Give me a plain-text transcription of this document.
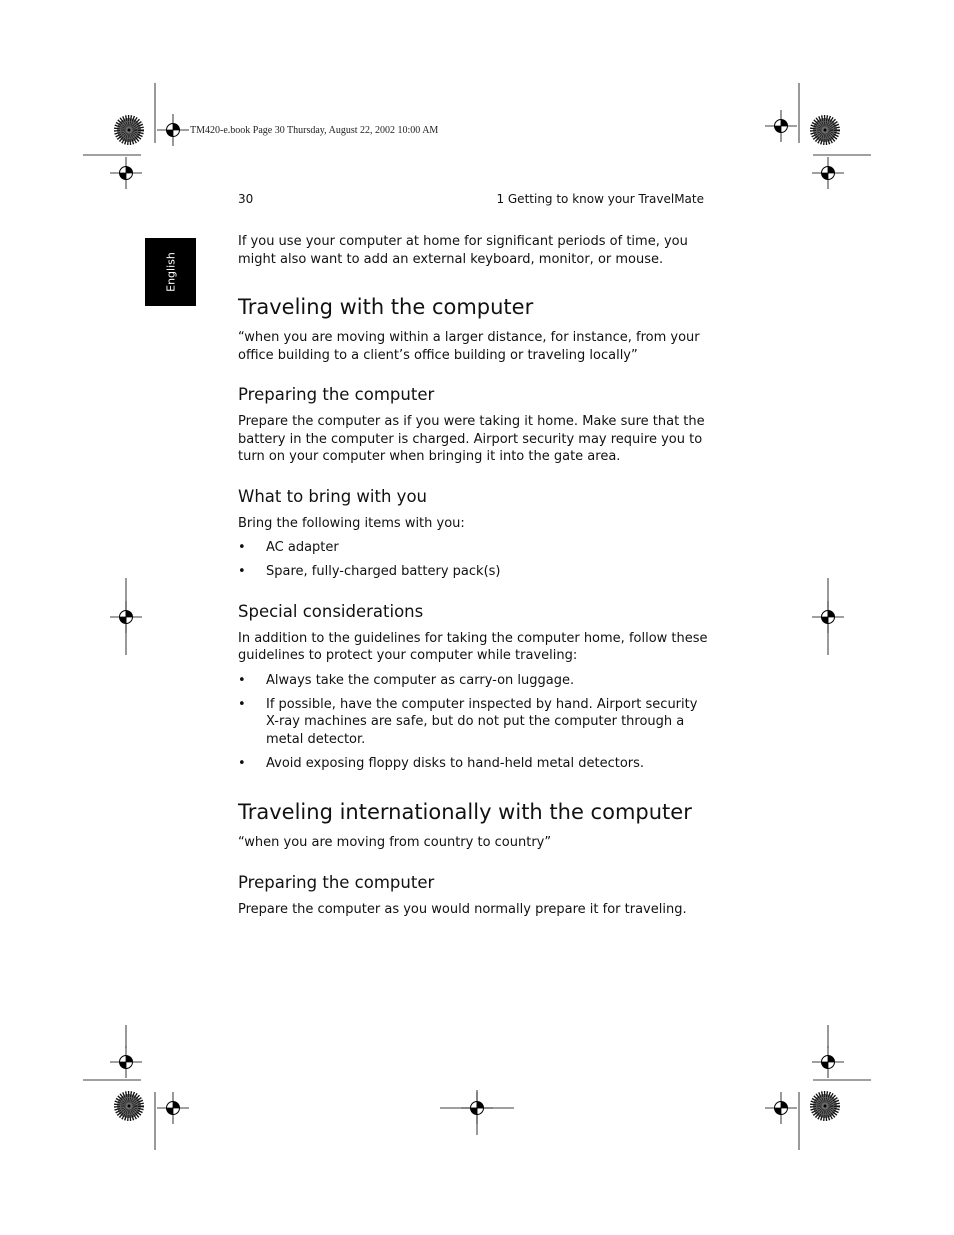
TM420-e.book Page 30 Thursday, August 22, 2002 10:00 AM
30	1 Getting to know your TravelMate
English

If you use your computer at home for significant periods of time, you might also want to add an external keyboard, monitor, or mouse.

Traveling with the computer

“when you are moving within a larger distance, for instance, from your office building to a client’s office building or traveling locally”

Preparing the computer

Prepare the computer as if you were taking it home. Make sure that the battery in the computer is charged. Airport security may require you to turn on your computer when bringing it into the gate area.

What to bring with you

Bring the following items with you:

• AC adapter
• Spare, fully-charged battery pack(s)
Special considerations

In addition to the guidelines for taking the computer home, follow these guidelines to protect your computer while traveling:

• Always take the computer as carry-on luggage.
• If possible, have the computer inspected by hand. Airport security X-ray machines are safe, but do not put the computer through a metal detector.
• Avoid exposing floppy disks to hand-held metal detectors.
Traveling internationally with the computer

“when you are moving from country to country”

Preparing the computer

Prepare the computer as you would normally prepare it for traveling.
